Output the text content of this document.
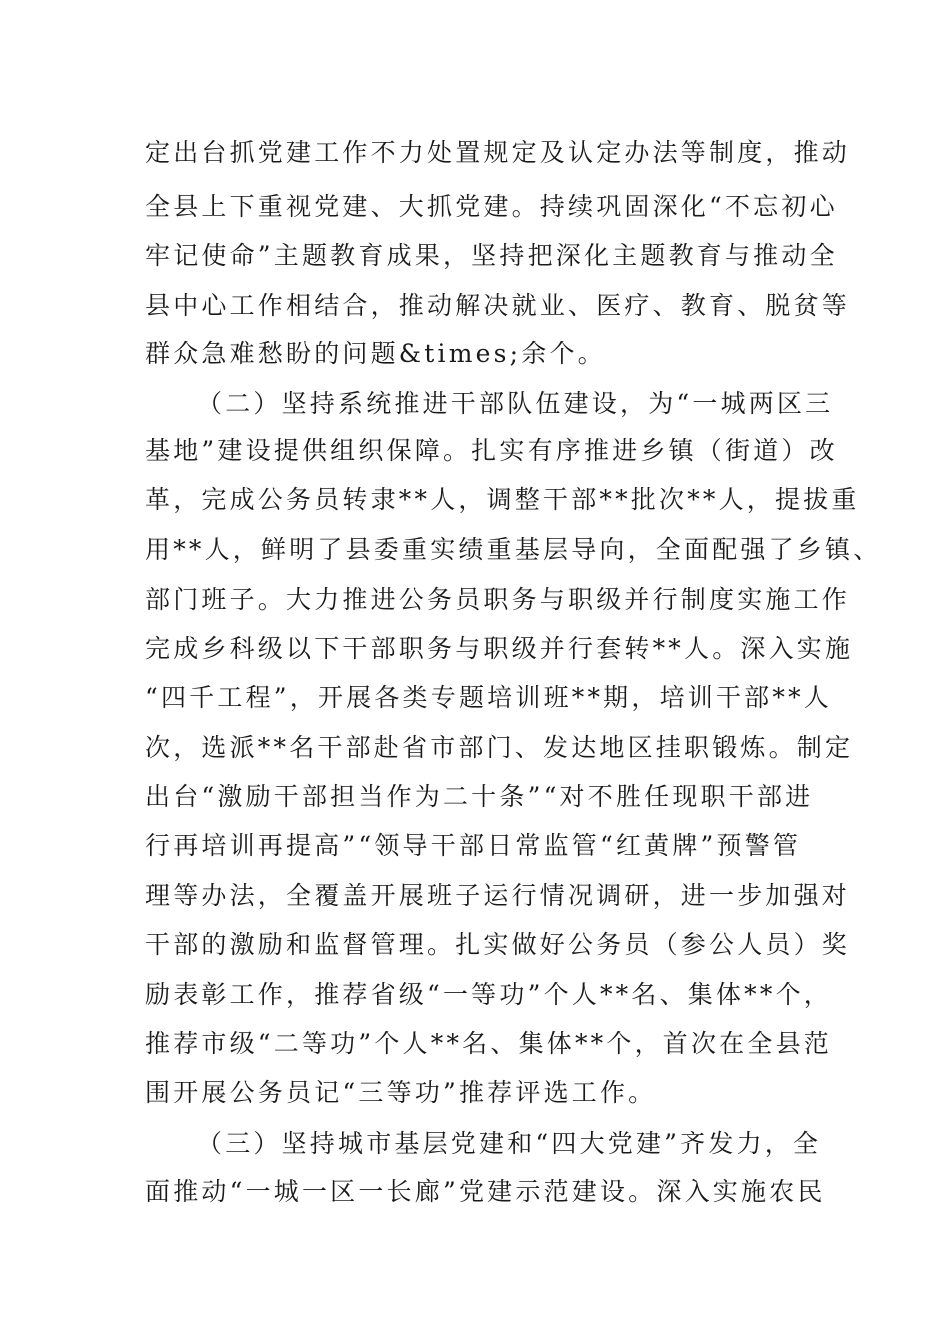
定出台抓党建工作不力处置规定及认定办法等制度，推动
全县上下重视党建、大抓党建。持续巩固深化“不忘初心
牢记使命”主题教育成果，坚持把深化主题教育与推动全
县中心工作相结合，推动解决就业、医疗、教育、脱贫等
群众急难愁盼的问题&times;余个。
（二）坚持系统推进干部队伍建设，为“一城两区三
基地”建设提供组织保障。扎实有序推进乡镇（街道）改
革，完成公务员转隶**人，调整干部**批次**人，提拔重
用**人，鲜明了县委重实绩重基层导向，全面配强了乡镇、
部门班子。大力推进公务员职务与职级并行制度实施工作
完成乡科级以下干部职务与职级并行套转**人。深入实施
“四千工程”，开展各类专题培训班**期，培训干部**人
次，选派**名干部赴省市部门、发达地区挂职锻炼。制定
出台“激励干部担当作为二十条”“对不胜任现职干部进
行再培训再提高”“领导干部日常监管“红黄牌”预警管
理等办法，全覆盖开展班子运行情况调研，进一步加强对
干部的激励和监督管理。扎实做好公务员（参公人员）奖
励表彰工作，推荐省级“一等功”个人**名、集体**个，
推荐市级“二等功”个人**名、集体**个，首次在全县范
围开展公务员记“三等功”推荐评选工作。
（三）坚持城市基层党建和“四大党建”齐发力，全
面推动“一城一区一长廊”党建示范建设。深入实施农民
